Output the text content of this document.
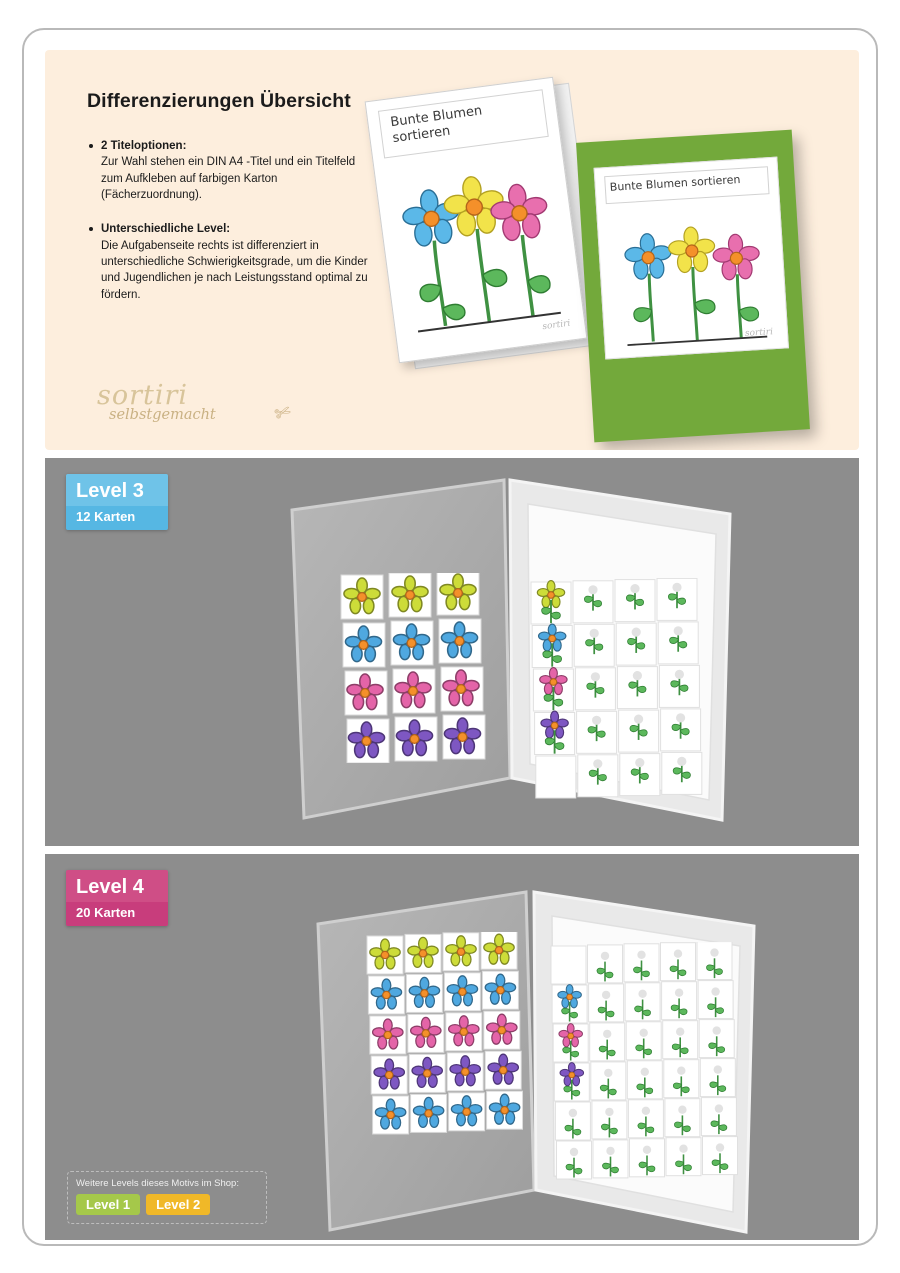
Differenzierungen Übersicht
2 Titeloptionen:
Zur Wahl stehen ein DIN A4 -Titel und ein Titelfeld zum Aufkleben auf farbigen Karton (Fächerzuordnung).
Unterschiedliche Level:
Die Aufgabenseite rechts ist differenziert in unterschiedliche Schwierigkeitsgrade, um die Kinder und Jugendlichen je nach Leistungsstand optimal zu fördern.
sortiri
selbstgemacht	✄
Bunte Blumen
sortieren
sortiri
Bunte Blumen sortieren
sortiri
Level 3
12 Karten
Level 4
20 Karten
Weitere Levels dieses Motivs im Shop:
Level 1	Level 2
